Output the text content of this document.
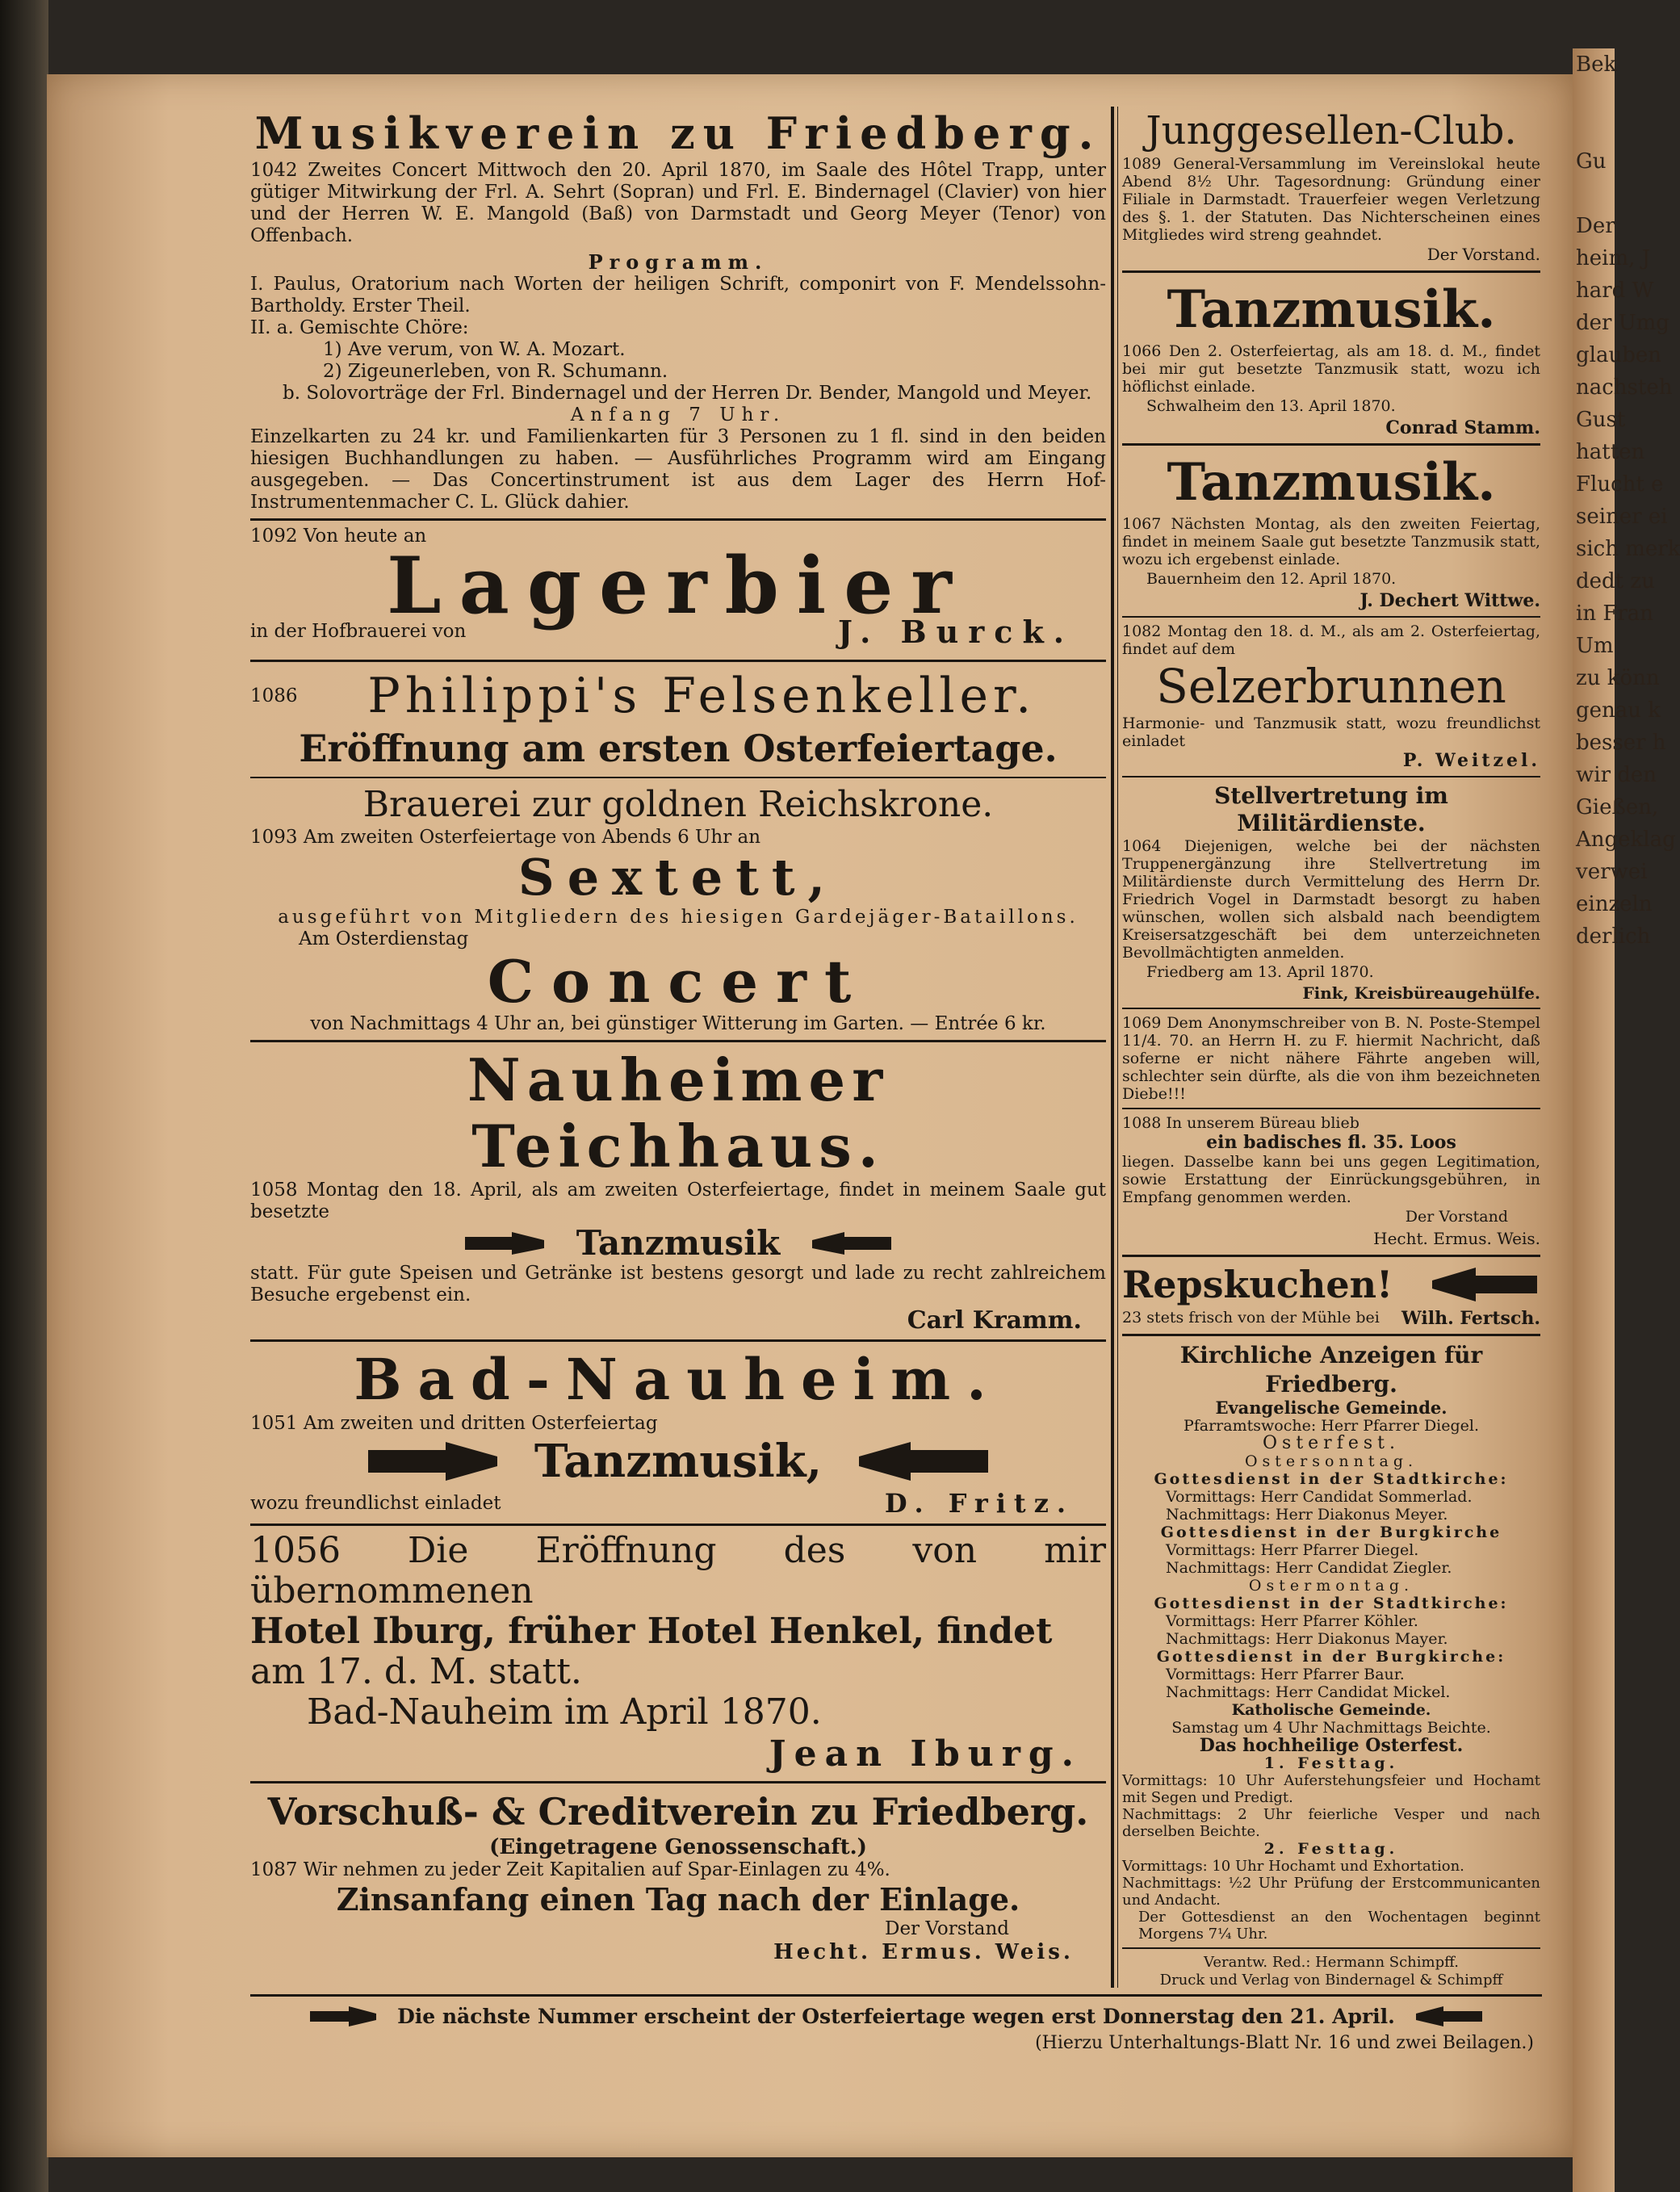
Bek

Gu

Der
heim, J
hard W
der Umg
glauben
nachsteh
Gust
hatten
Flucht e
seiner ei
sich merk
dedt zu
in Fran
Um
zu könn
genau k
besser h
wir den
Gießen,
Angeklag
verwei
einzeln
derlich
Musikverein zu Friedberg.

1042 Zweites Concert Mittwoch den 20. April 1870, im Saale des Hôtel Trapp, unter gütiger Mitwirkung der Frl. A. Sehrt (Sopran) und Frl. E. Bindernagel (Clavier) von hier und der Herren W. E. Mangold (Baß) von Darmstadt und Georg Meyer (Tenor) von Offenbach.

Programm.

I. Paulus, Oratorium nach Worten der heiligen Schrift, componirt von F. Mendelssohn-Bartholdy. Erster Theil.

II. a. Gemischte Chöre:

1) Ave verum, von W. A. Mozart.

2) Zigeunerleben, von R. Schumann.

b. Solovorträge der Frl. Bindernagel und der Herren Dr. Bender, Mangold und Meyer.

Anfang 7 Uhr.

Einzelkarten zu 24 kr. und Familienkarten für 3 Personen zu 1 fl. sind in den beiden hiesigen Buchhandlungen zu haben. — Ausführliches Programm wird am Eingang ausgegeben. — Das Concertinstrument ist aus dem Lager des Herrn Hof-Instrumentenmacher C. L. Glück dahier.

1092 Von heute an
Lagerbier
in der Hofbrauerei von	J. Burck.
1086	Philippi's Felsenkeller.
Eröffnung am ersten Osterfeiertage.
Brauerei zur goldnen Reichskrone.

1093 Am zweiten Osterfeiertage von Abends 6 Uhr an

Sextett,

ausgeführt von Mitgliedern des hiesigen Gardejäger-Bataillons.

Am Osterdienstag

Concert

von Nachmittags 4 Uhr an, bei günstiger Witterung im Garten. — Entrée 6 kr.

Nauheimer Teichhaus.

1058 Montag den 18. April, als am zweiten Osterfeiertage, findet in meinem Saale gut besetzte

Tanzmusik

statt. Für gute Speisen und Getränke ist bestens gesorgt und lade zu recht zahlreichem Besuche ergebenst ein.

Carl Kramm.
Bad-Nauheim.

1051 Am zweiten und dritten Osterfeiertag

Tanzmusik,
wozu freundlichst einladet	D. Fritz.
1056 Die Eröffnung des von mir übernommenen
Hotel Iburg, früher Hotel Henkel, findet
am 17. d. M. statt.
Bad-Nauheim im April 1870.
Jean Iburg.
Vorschuß- & Creditverein zu Friedberg.
(Eingetragene Genossenschaft.)

1087 Wir nehmen zu jeder Zeit Kapitalien auf Spar-Einlagen zu 4%.

Zinsanfang einen Tag nach der Einlage.
Der Vorstand
Hecht. Ermus. Weis.
Junggesellen-Club.

1089 General-Versammlung im Vereinslokal heute Abend 8½ Uhr. Tagesordnung: Gründung einer Filiale in Darmstadt. Trauerfeier wegen Verletzung des §. 1. der Statuten. Das Nichterscheinen eines Mitgliedes wird streng geahndet.

Der Vorstand.
Tanzmusik.

1066 Den 2. Osterfeiertag, als am 18. d. M., findet bei mir gut besetzte Tanzmusik statt, wozu ich höflichst einlade.

Schwalheim den 13. April 1870.

Conrad Stamm.
Tanzmusik.

1067 Nächsten Montag, als den zweiten Feiertag, findet in meinem Saale gut besetzte Tanzmusik statt, wozu ich ergebenst einlade.

Bauernheim den 12. April 1870.

J. Dechert Wittwe.

1082 Montag den 18. d. M., als am 2. Osterfeiertag, findet auf dem

Selzerbrunnen

Harmonie- und Tanzmusik statt, wozu freundlichst einladet

P. Weitzel.
Stellvertretung im Militärdienste.

1064 Diejenigen, welche bei der nächsten Truppenergänzung ihre Stellvertretung im Militärdienste durch Vermittelung des Herrn Dr. Friedrich Vogel in Darmstadt besorgt zu haben wünschen, wollen sich alsbald nach beendigtem Kreisersatzgeschäft bei dem unterzeichneten Bevollmächtigten anmelden.

Friedberg am 13. April 1870.

Fink, Kreisbüreaugehülfe.

1069 Dem Anonymschreiber von B. N. Poste-Stempel 11/4. 70. an Herrn H. zu F. hiermit Nachricht, daß soferne er nicht nähere Fährte angeben will, schlechter sein dürfte, als die von ihm bezeichneten Diebe!!!

1088 In unserem Büreau blieb

ein badisches fl. 35. Loos

liegen. Dasselbe kann bei uns gegen Legitimation, sowie Erstattung der Einrückungsgebühren, in Empfang genommen werden.

Der Vorstand
Hecht. Ermus. Weis.
Repskuchen!
23 stets frisch von der Mühle bei Wilh. Fertsch.
Kirchliche Anzeigen für Friedberg.
Evangelische Gemeinde.
Pfarramtswoche: Herr Pfarrer Diegel.
Osterfest.
Ostersonntag.
Gottesdienst in der Stadtkirche:
Vormittags: Herr Candidat Sommerlad.
Nachmittags: Herr Diakonus Meyer.
Gottesdienst in der Burgkirche
Vormittags: Herr Pfarrer Diegel.
Nachmittags: Herr Candidat Ziegler.
Ostermontag.
Gottesdienst in der Stadtkirche:
Vormittags: Herr Pfarrer Köhler.
Nachmittags: Herr Diakonus Mayer.
Gottesdienst in der Burgkirche:
Vormittags: Herr Pfarrer Baur.
Nachmittags: Herr Candidat Mickel.
Katholische Gemeinde.
Samstag um 4 Uhr Nachmittags Beichte.
Das hochheilige Osterfest.
1. Festtag.
Vormittags: 10 Uhr Auferstehungsfeier und Hochamt mit Segen und Predigt.
Nachmittags: 2 Uhr feierliche Vesper und nach derselben Beichte.
2. Festtag.
Vormittags: 10 Uhr Hochamt und Exhortation.
Nachmittags: ½2 Uhr Prüfung der Erstcommunicanten und Andacht.
Der Gottesdienst an den Wochentagen beginnt Morgens 7¼ Uhr.
Verantw. Red.: Hermann Schimpff.
Druck und Verlag von Bindernagel & Schimpff
Die nächste Nummer erscheint der Osterfeiertage wegen erst Donnerstag den 21. April.
(Hierzu Unterhaltungs-Blatt Nr. 16 und zwei Beilagen.)
